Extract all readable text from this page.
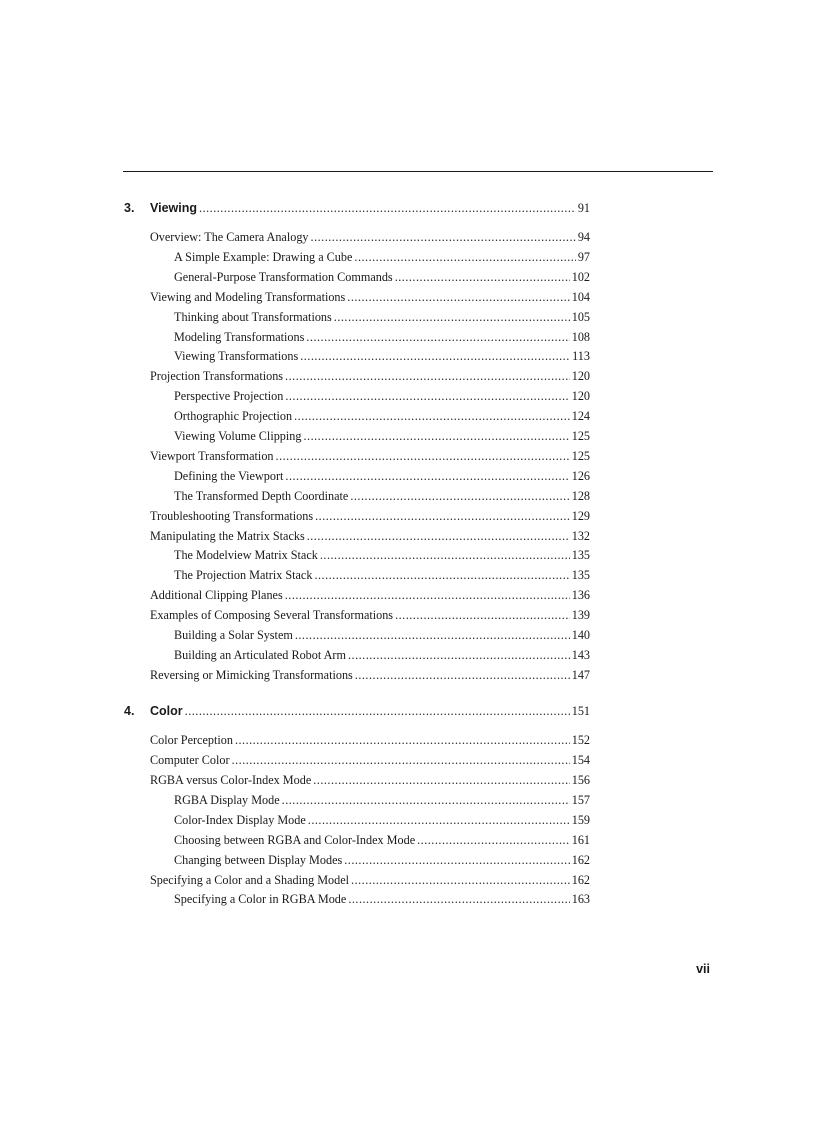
3.	Viewing .....	91
Overview: The Camera Analogy .....	94
A Simple Example: Drawing a Cube .....	97
General-Purpose Transformation Commands .....	102
Viewing and Modeling Transformations .....	104
Thinking about Transformations .....	105
Modeling Transformations .....	108
Viewing Transformations .....	113
Projection Transformations .....	120
Perspective Projection .....	120
Orthographic Projection .....	124
Viewing Volume Clipping .....	125
Viewport Transformation .....	125
Defining the Viewport .....	126
The Transformed Depth Coordinate .....	128
Troubleshooting Transformations .....	129
Manipulating the Matrix Stacks .....	132
The Modelview Matrix Stack .....	135
The Projection Matrix Stack .....	135
Additional Clipping Planes .....	136
Examples of Composing Several Transformations .....	139
Building a Solar System .....	140
Building an Articulated Robot Arm .....	143
Reversing or Mimicking Transformations .....	147
4.	Color .....	151
Color Perception .....	152
Computer Color .....	154
RGBA versus Color-Index Mode .....	156
RGBA Display Mode .....	157
Color-Index Display Mode .....	159
Choosing between RGBA and Color-Index Mode .....	161
Changing between Display Modes .....	162
Specifying a Color and a Shading Model .....	162
Specifying a Color in RGBA Mode .....	163
vii
